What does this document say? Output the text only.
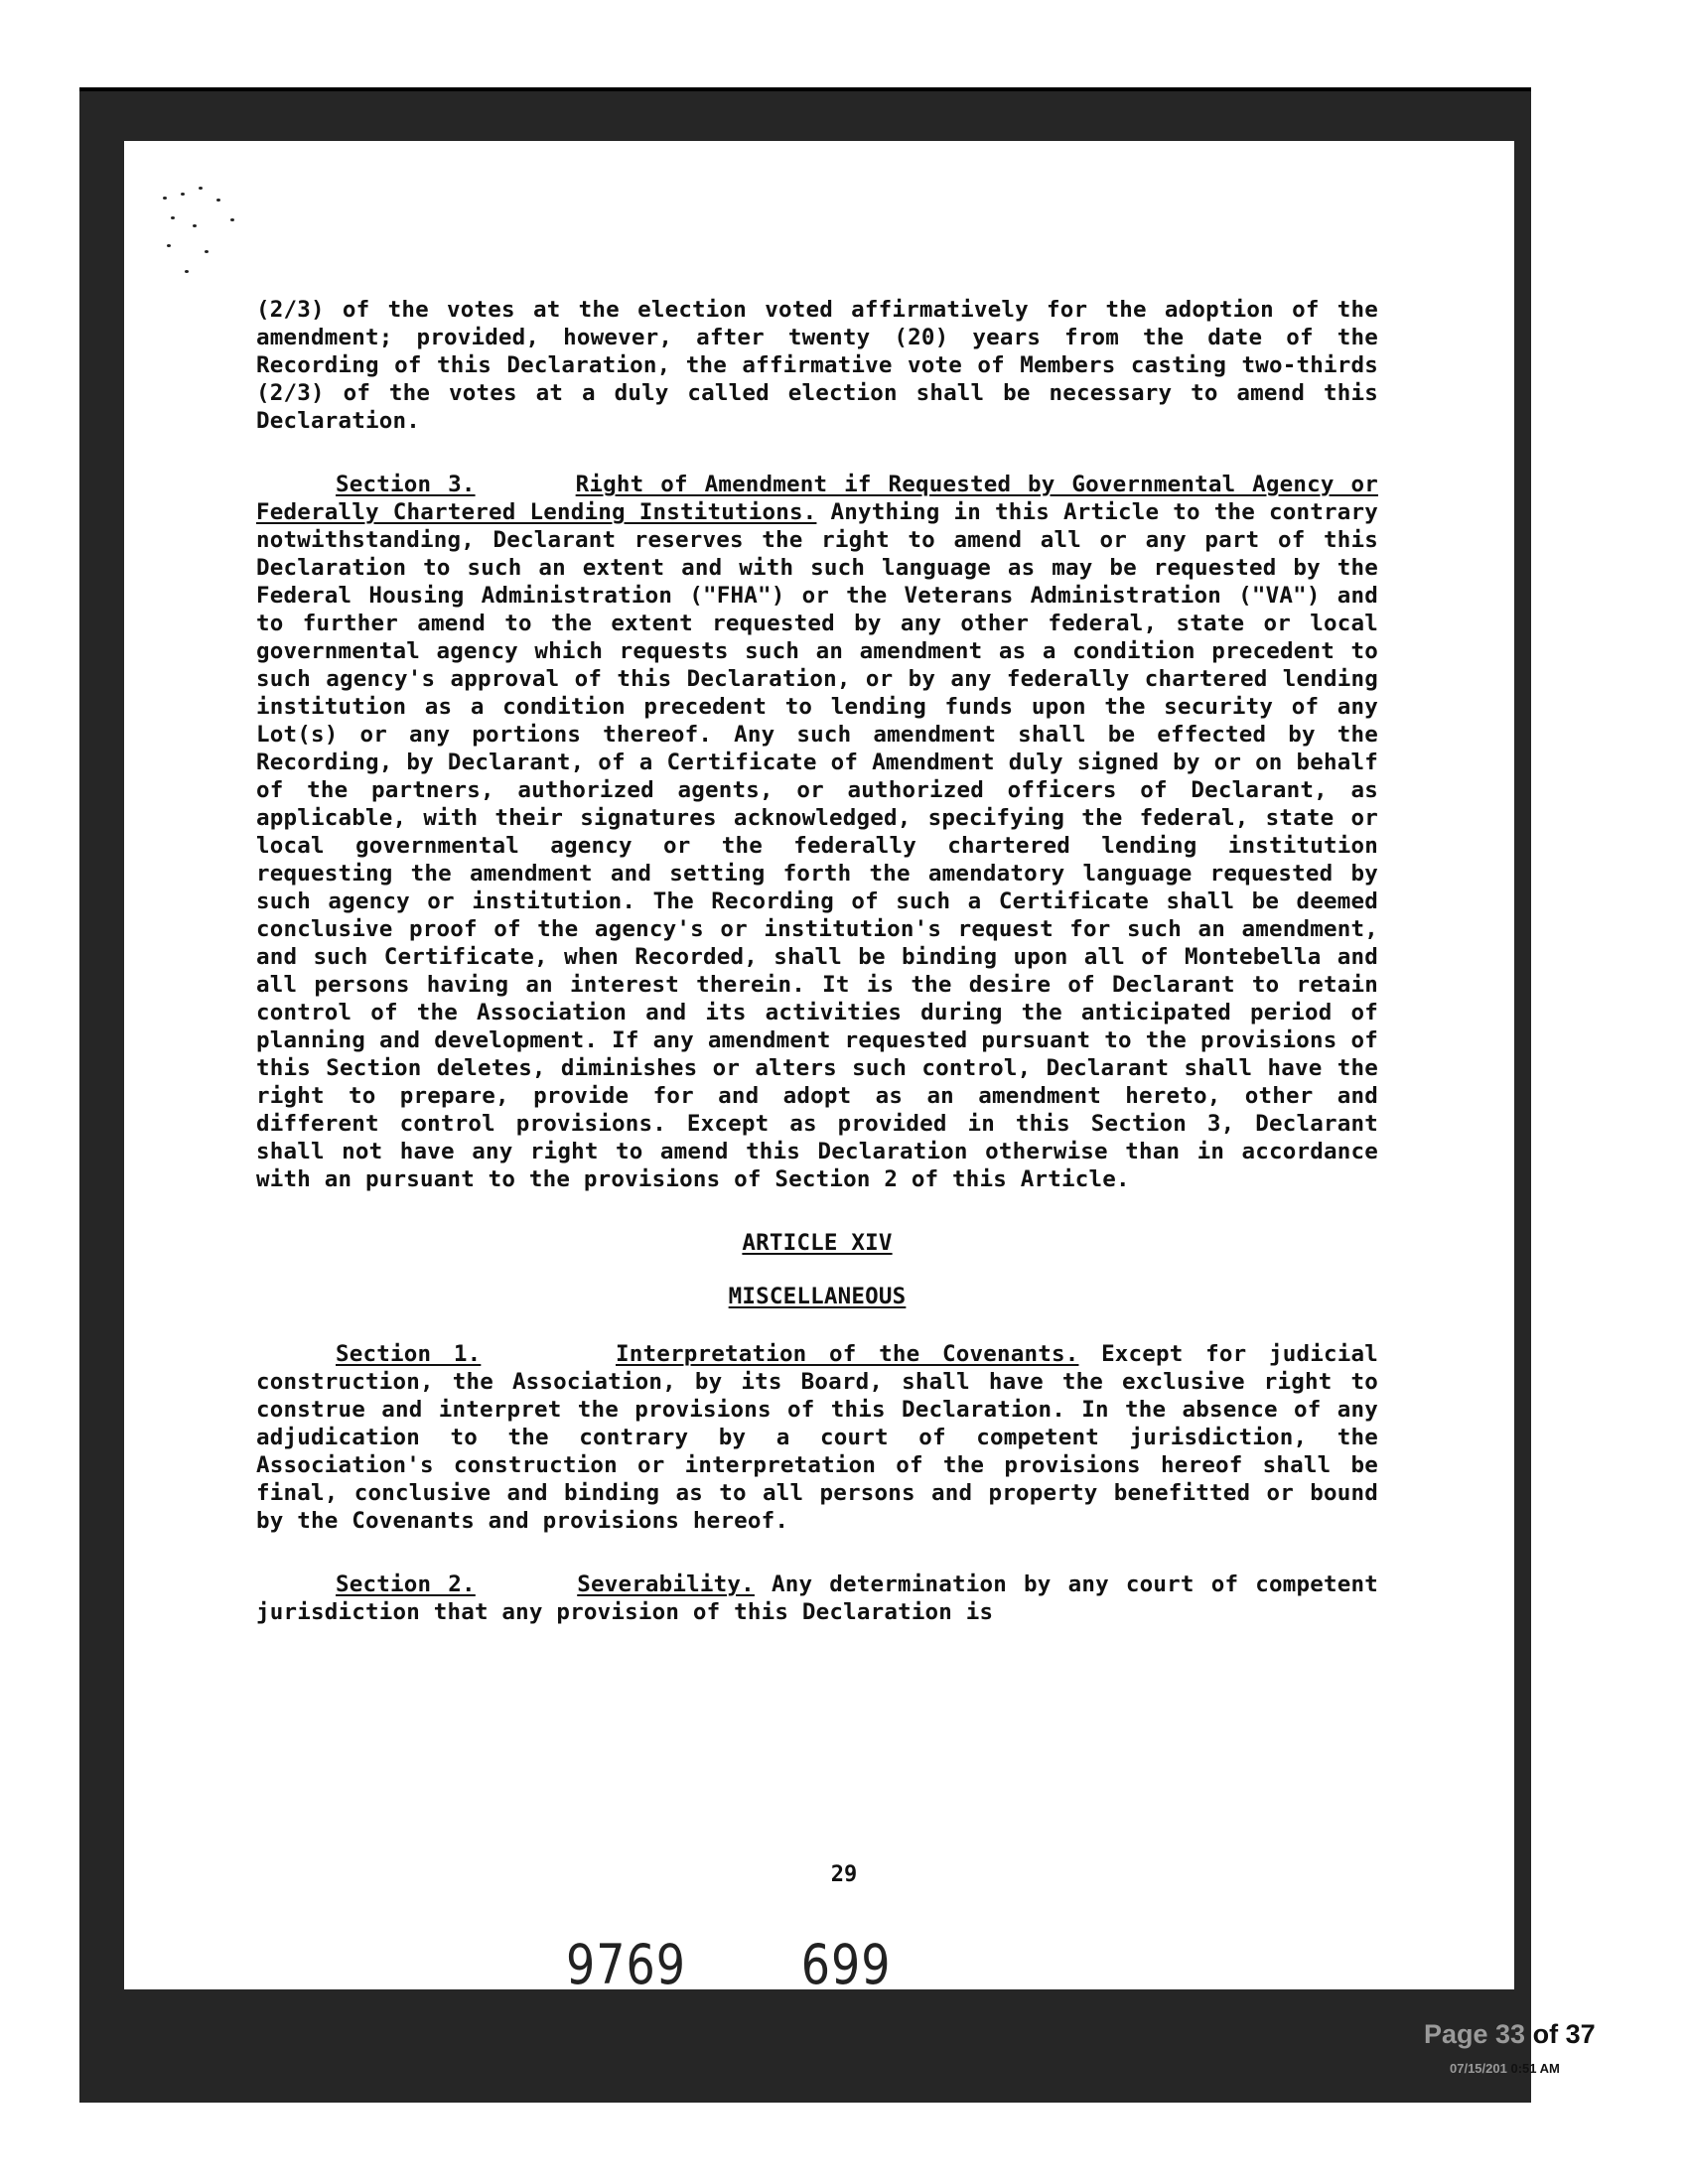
(2/3) of the votes at the election voted affirmatively for the adoption of the amendment; provided, however, after twenty (20) years from the date of the Recording of this Declaration, the affirmative vote of Members casting two-thirds (2/3) of the votes at a duly called election shall be necessary to amend this Declaration.

Section 3.	Right of Amendment if Requested by Governmental Agency or Federally Chartered Lending Institutions. Anything in this Article to the contrary notwithstanding, Declarant reserves the right to amend all or any part of this Declaration to such an extent and with such language as may be requested by the Federal Housing Administration ("FHA") or the Veterans Administration ("VA") and to further amend to the extent requested by any other federal, state or local governmental agency which requests such an amendment as a condition precedent to such agency's approval of this Declaration, or by any federally chartered lending institution as a condition precedent to lending funds upon the security of any Lot(s) or any portions thereof. Any such amendment shall be effected by the Recording, by Declarant, of a Certificate of Amendment duly signed by or on behalf of the partners, authorized agents, or authorized officers of Declarant, as applicable, with their signatures acknowledged, specifying the federal, state or local governmental agency or the federally chartered lending institution requesting the amendment and setting forth the amendatory language requested by such agency or institution. The Recording of such a Certificate shall be deemed conclusive proof of the agency's or institution's request for such an amendment, and such Certificate, when Recorded, shall be binding upon all of Montebella and all persons having an interest therein. It is the desire of Declarant to retain control of the Association and its activities during the anticipated period of planning and development. If any amendment requested pursuant to the provisions of this Section deletes, diminishes or alters such control, Declarant shall have the right to prepare, provide for and adopt as an amendment hereto, other and different control provisions. Except as provided in this Section 3, Declarant shall not have any right to amend this Declaration otherwise than in accordance with an pursuant to the provisions of Section 2 of this Article.

ARTICLE XIV
MISCELLANEOUS

Section 1.	Interpretation of the Covenants. Except for judicial construction, the Association, by its Board, shall have the exclusive right to construe and interpret the provisions of this Declaration. In the absence of any adjudication to the contrary by a court of competent jurisdiction, the Association's construction or interpretation of the provisions hereof shall be final, conclusive and binding as to all persons and property benefitted or bound by the Covenants and provisions hereof.

Section 2.	Severability. Any determination by any court of competent jurisdiction that any provision of this Declaration is

29
9769	699
Page 33 of 37
07/15/201 0:51 AM
